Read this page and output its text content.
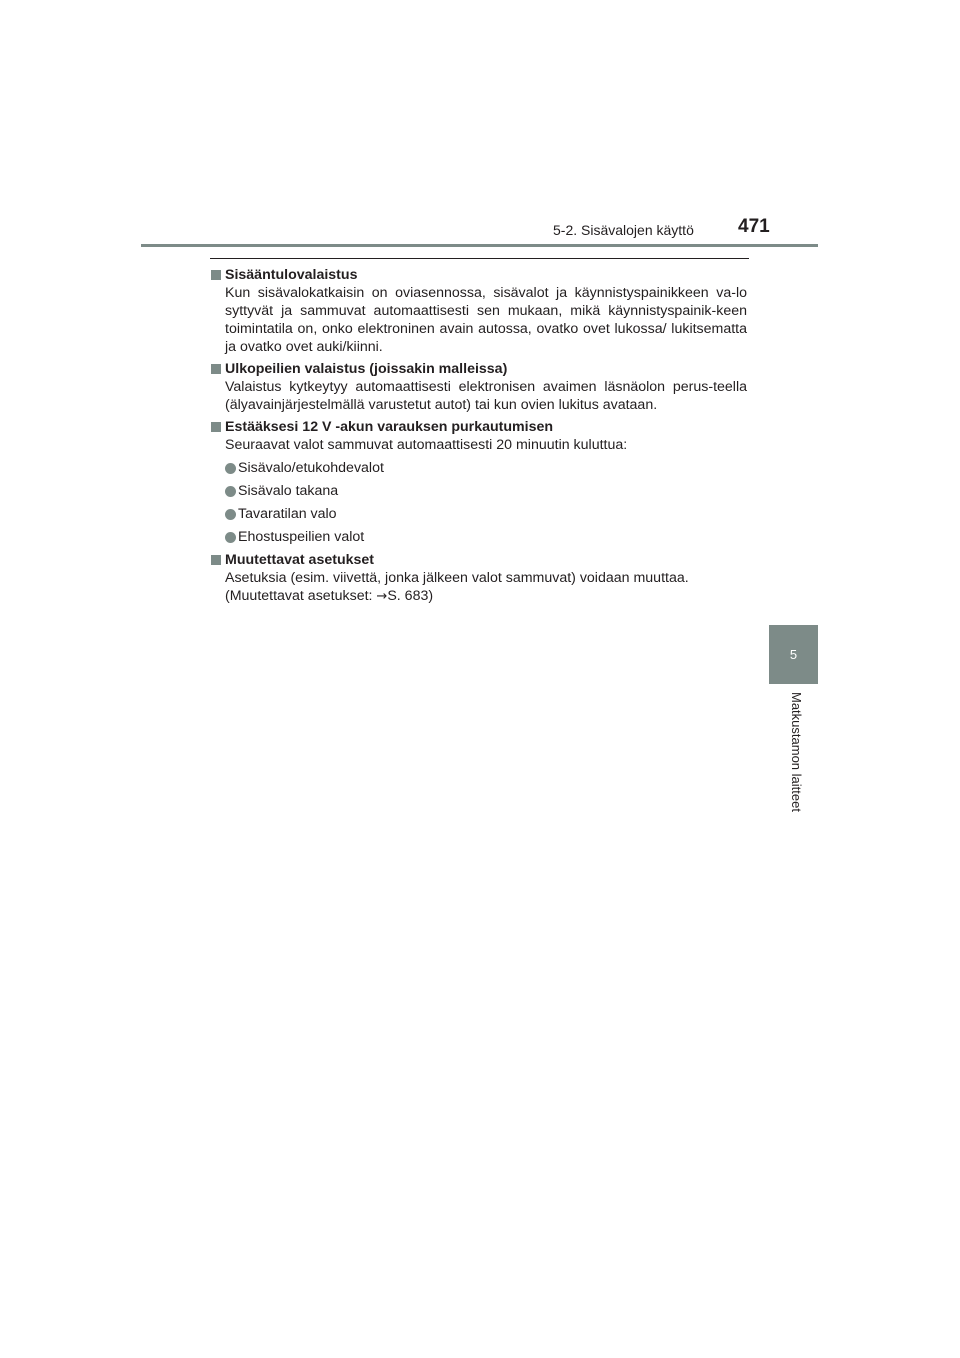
5-2. Sisävalojen käyttö 471
5
Matkustamon laitteet
Sisääntulovalaistus
Kun sisävalokatkaisin on oviasennossa, sisävalot ja käynnistyspainikkeen va-lo syttyvät ja sammuvat automaattisesti sen mukaan, mikä käynnistyspainik-keen toimintatila on, onko elektroninen avain autossa, ovatko ovet lukossa/ lukitsematta ja ovatko ovet auki/kiinni.
Ulkopeilien valaistus (joissakin malleissa)
Valaistus kytkeytyy automaattisesti elektronisen avaimen läsnäolon perus-teella (älyavainjärjestelmällä varustetut autot) tai kun ovien lukitus avataan.
Estääksesi 12 V -akun varauksen purkautumisen
Seuraavat valot sammuvat automaattisesti 20 minuutin kuluttua:
Sisävalo/etukohdevalot
Sisävalo takana
Tavaratilan valo
Ehostuspeilien valot
Muutettavat asetukset
Asetuksia (esim. viivettä, jonka jälkeen valot sammuvat) voidaan muuttaa.
(Muutettavat asetukset: →S. 683)
